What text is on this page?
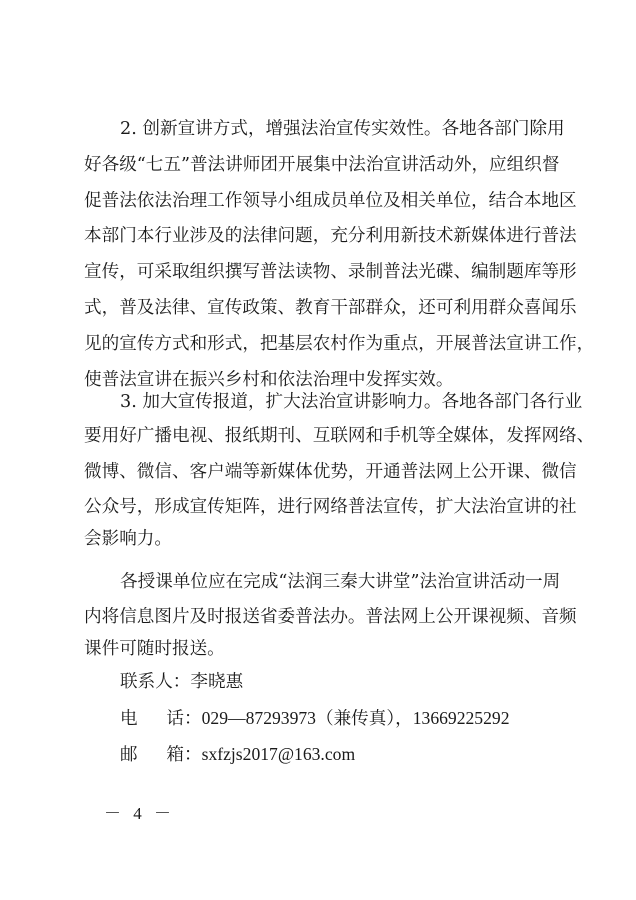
2. 创新宣讲方式，增强法治宣传实效性。各地各部门除用
好各级“七五”普法讲师团开展集中法治宣讲活动外，应组织督
促普法依法治理工作领导小组成员单位及相关单位，结合本地区
本部门本行业涉及的法律问题，充分利用新技术新媒体进行普法
宣传，可采取组织撰写普法读物、录制普法光碟、编制题库等形
式，普及法律、宣传政策、教育干部群众，还可利用群众喜闻乐
见的宣传方式和形式，把基层农村作为重点，开展普法宣讲工作，
使普法宣讲在振兴乡村和依法治理中发挥实效。
3. 加大宣传报道，扩大法治宣讲影响力。各地各部门各行业
要用好广播电视、报纸期刊、互联网和手机等全媒体，发挥网络、
微博、微信、客户端等新媒体优势，开通普法网上公开课、微信
公众号，形成宣传矩阵，进行网络普法宣传，扩大法治宣讲的社
会影响力。
各授课单位应在完成“法润三秦大讲堂”法治宣讲活动一周
内将信息图片及时报送省委普法办。普法网上公开课视频、音频
课件可随时报送。
联系人：李晓惠
电　话：029—87293973（兼传真），13669225292
邮　箱：sxfzjs2017@163.com
－ 4 －
